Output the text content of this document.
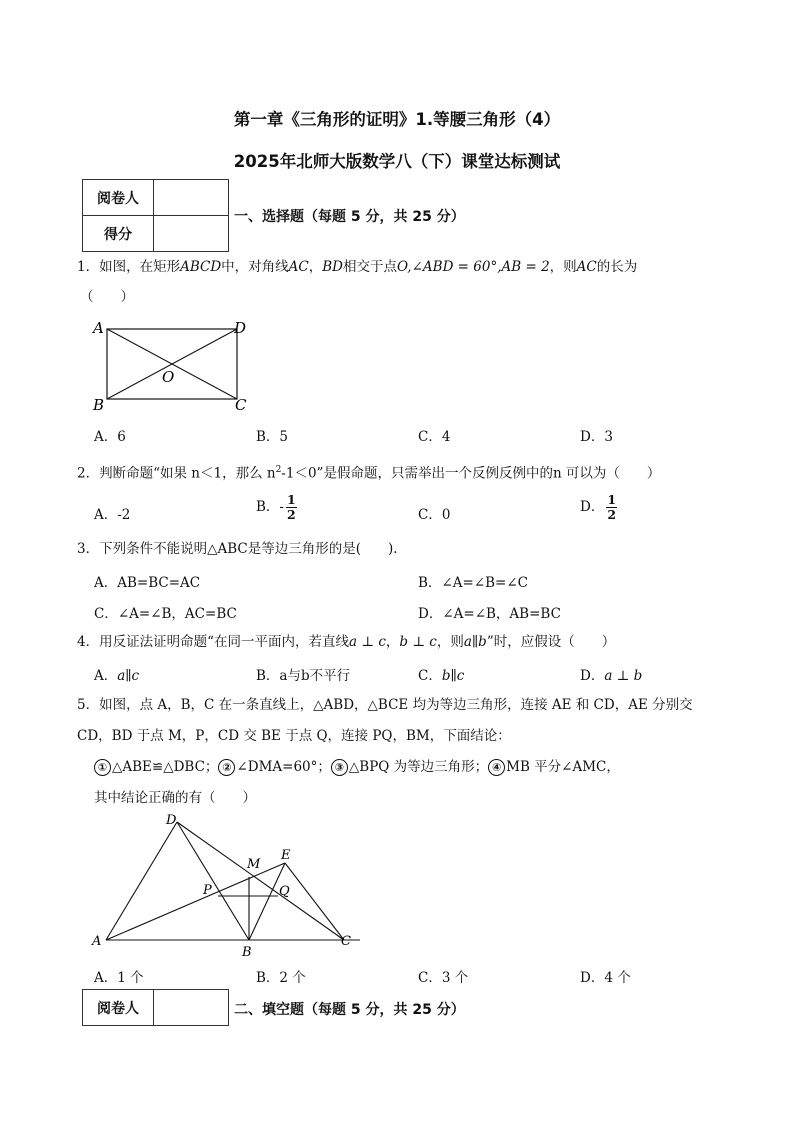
第一章《三角形的证明》1.等腰三角形（4）
2025年北师大版数学八（下）课堂达标测试
阅卷人	
得分	
一、选择题（每题 5 分，共 25 分）
1．如图，在矩形ABCD中，对角线AC，BD相交于点O,∠ABD = 60°,AB = 2，则AC的长为
（　　）
A	D
B	C
O
A．6	B．5	C．4	D．3
2．判断命题“如果 n＜1，那么 $n^2-1<0$”是假命题，只需举出一个反例反例中的n 可以为（　　）
A．-2	B．- $\frac{1}{2}$	C．0	D． $\frac{1}{2}$
3．下列条件不能说明△ABC是等边三角形的是(　　).
A．AB=BC=AC	B．∠A=∠B=∠C
C．∠A=∠B，AC=BC	D．∠A=∠B，AB=BC
4．用反证法证明命题“在同一平面内，若直线a ⊥ c，b ⊥ c，则a∥b”时，应假设（　　）
A．a∥c	B．a与b不平行	C．b∥c	D．a ⊥ b
5．如图，点 A，B，C 在一条直线上，△ABD，△BCE 均为等边三角形，连接 AE 和 CD，AE 分别交
CD，BD 于点 M，P，CD 交 BE 于点 Q，连接 PQ，BM，下面结论：
① △ABE≌△DBC； ② ∠DMA=60°； ③ △BPQ 为等边三角形； ④ MB 平分∠AMC，
其中结论正确的有（　　）
A
B
C
D
E
M
P	Q
A．1 个	B．2 个	C．3 个	D．4 个
阅卷人		二、填空题（每题 5 分，共 25 分）
